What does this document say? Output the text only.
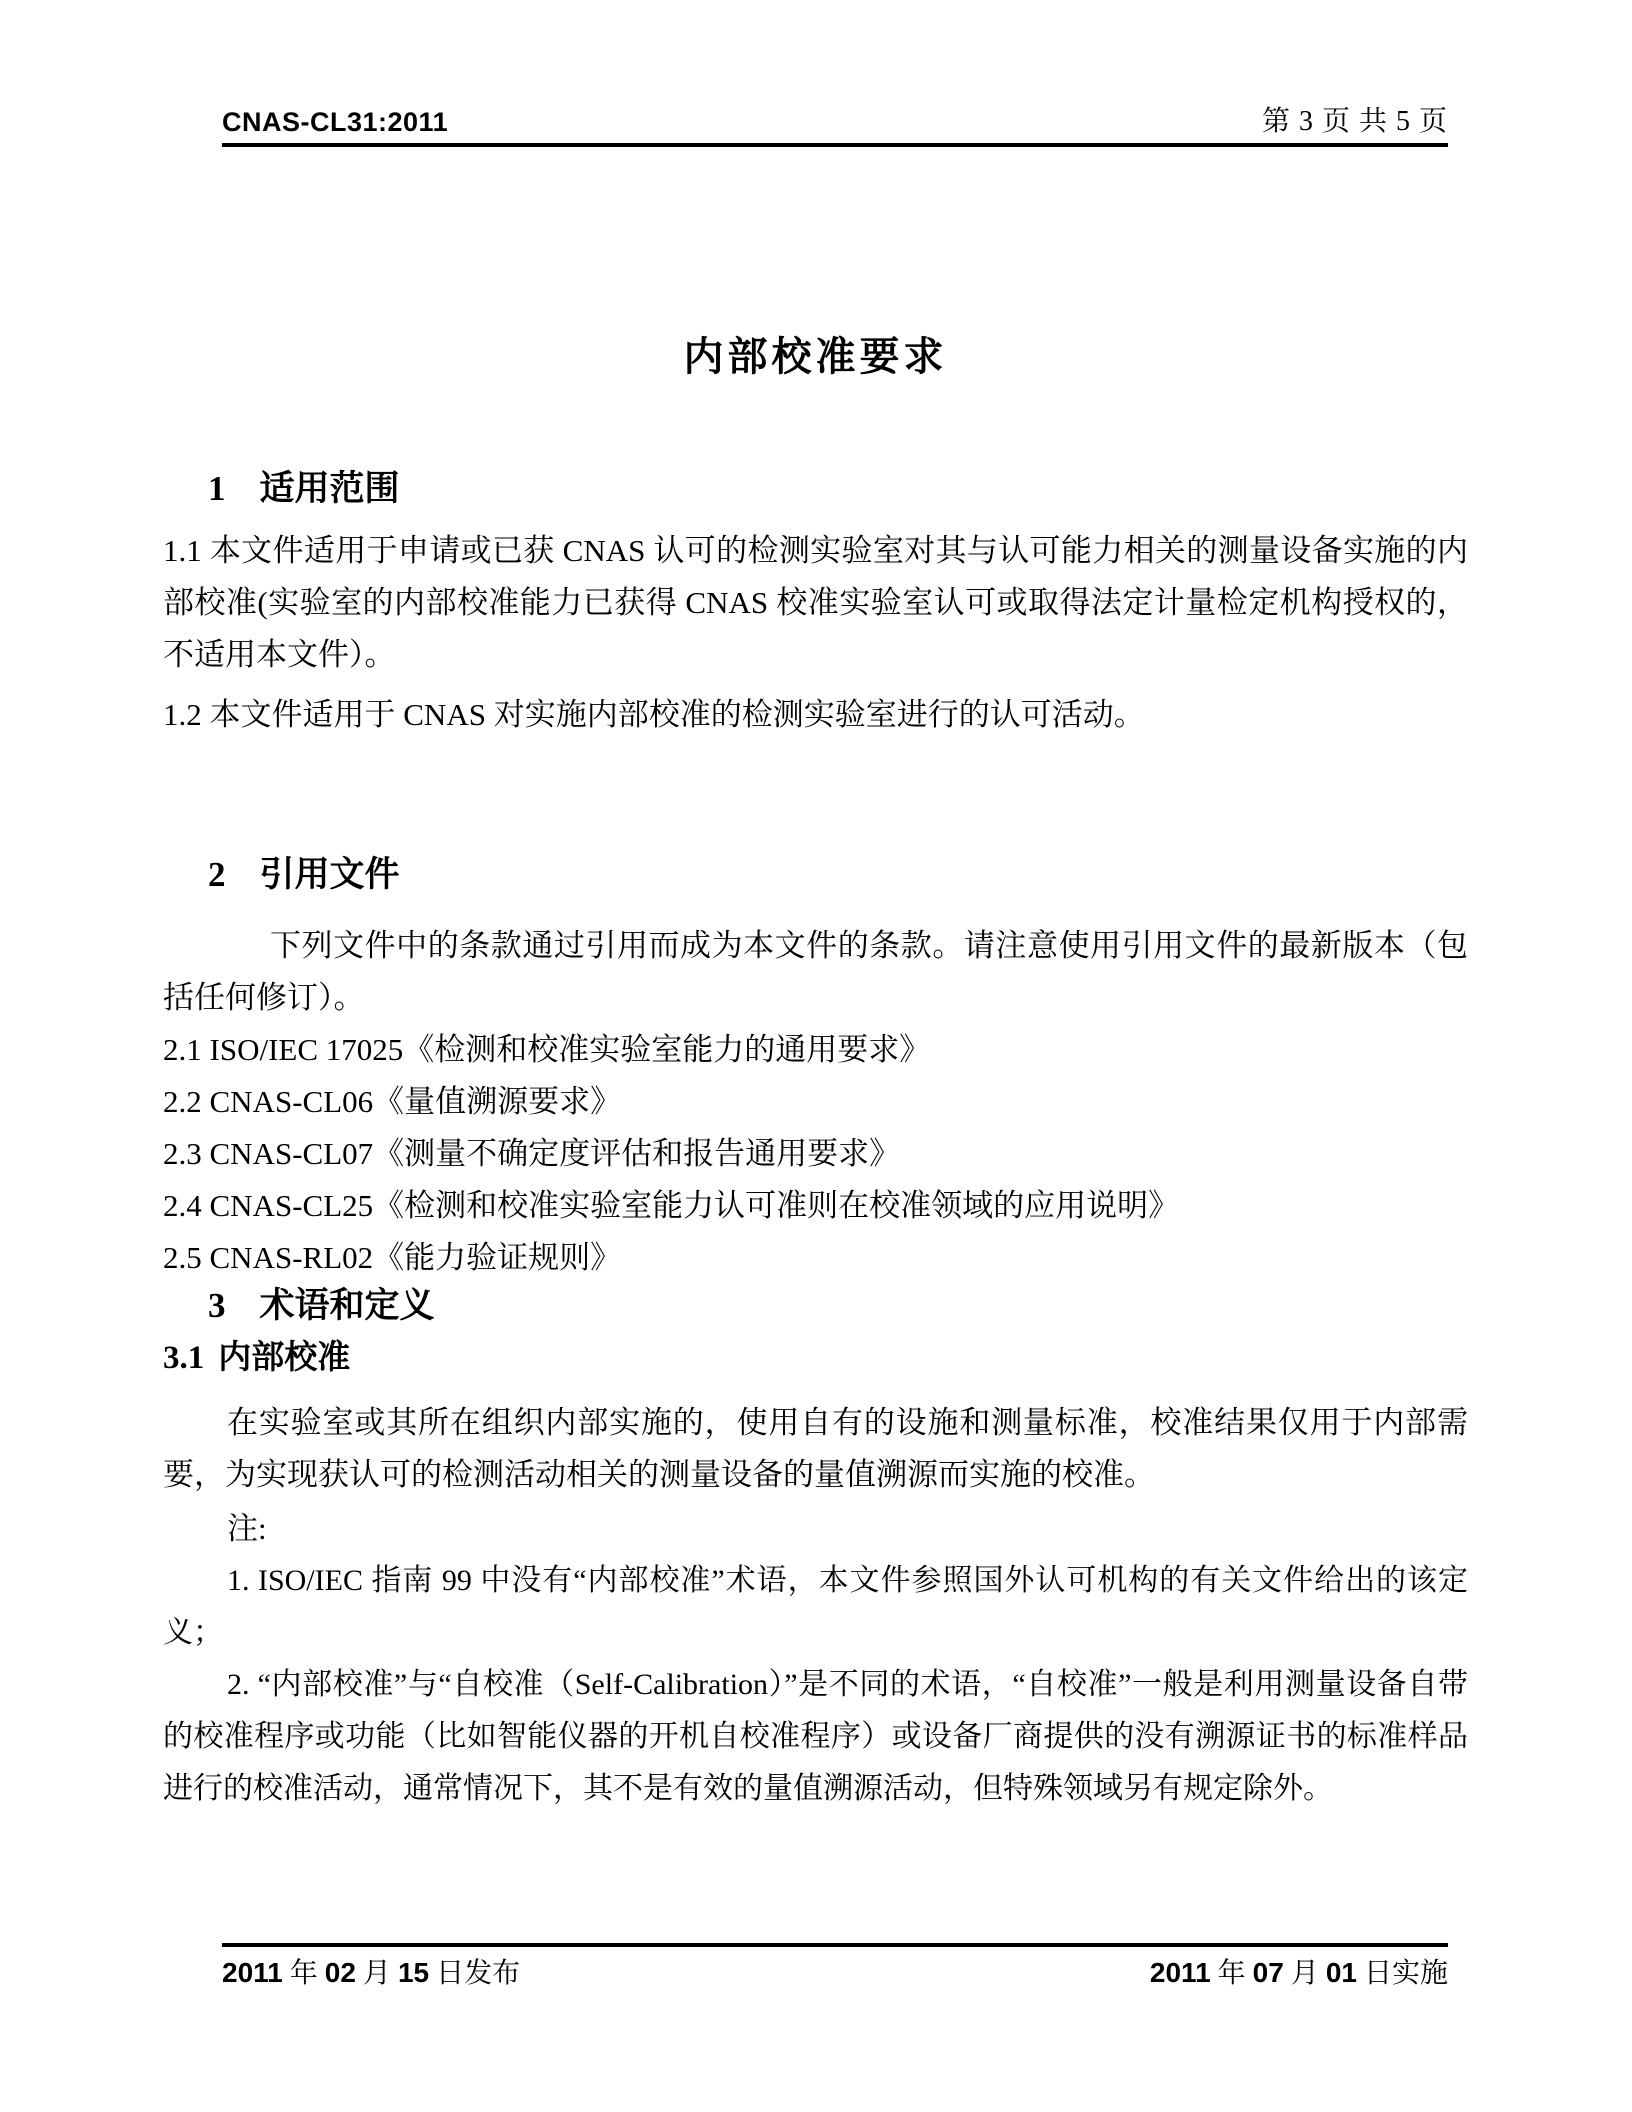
CNAS-CL31:2011	第 3 页 共 5 页
内部校准要求
1 适用范围

1.1 本文件适用于申请或已获 CNAS 认可的检测实验室对其与认可能力相关的测量设备实施的内部校准(实验室的内部校准能力已获得 CNAS 校准实验室认可或取得法定计量检定机构授权的，不适用本文件）。

1.2 本文件适用于 CNAS 对实施内部校准的检测实验室进行的认可活动。

2 引用文件

下列文件中的条款通过引用而成为本文件的条款。请注意使用引用文件的最新版本（包括任何修订）。

2.1 ISO/IEC 17025《检测和校准实验室能力的通用要求》

2.2 CNAS-CL06《量值溯源要求》

2.3 CNAS-CL07《测量不确定度评估和报告通用要求》

2.4 CNAS-CL25《检测和校准实验室能力认可准则在校准领域的应用说明》

2.5 CNAS-RL02《能力验证规则》

3 术语和定义
3.1 内部校准

在实验室或其所在组织内部实施的，使用自有的设施和测量标准，校准结果仅用于内部需要，为实现获认可的检测活动相关的测量设备的量值溯源而实施的校准。

注:

1. ISO/IEC 指南 99 中没有“内部校准”术语，本文件参照国外认可机构的有关文件给出的该定义；

2. “内部校准”与“自校准（Self-Calibration）”是不同的术语，“自校准”一般是利用测量设备自带的校准程序或功能（比如智能仪器的开机自校准程序）或设备厂商提供的没有溯源证书的标准样品进行的校准活动，通常情况下，其不是有效的量值溯源活动，但特殊领域另有规定除外。

2011 年 02 月 15 日发布	2011 年 07 月 01 日实施
